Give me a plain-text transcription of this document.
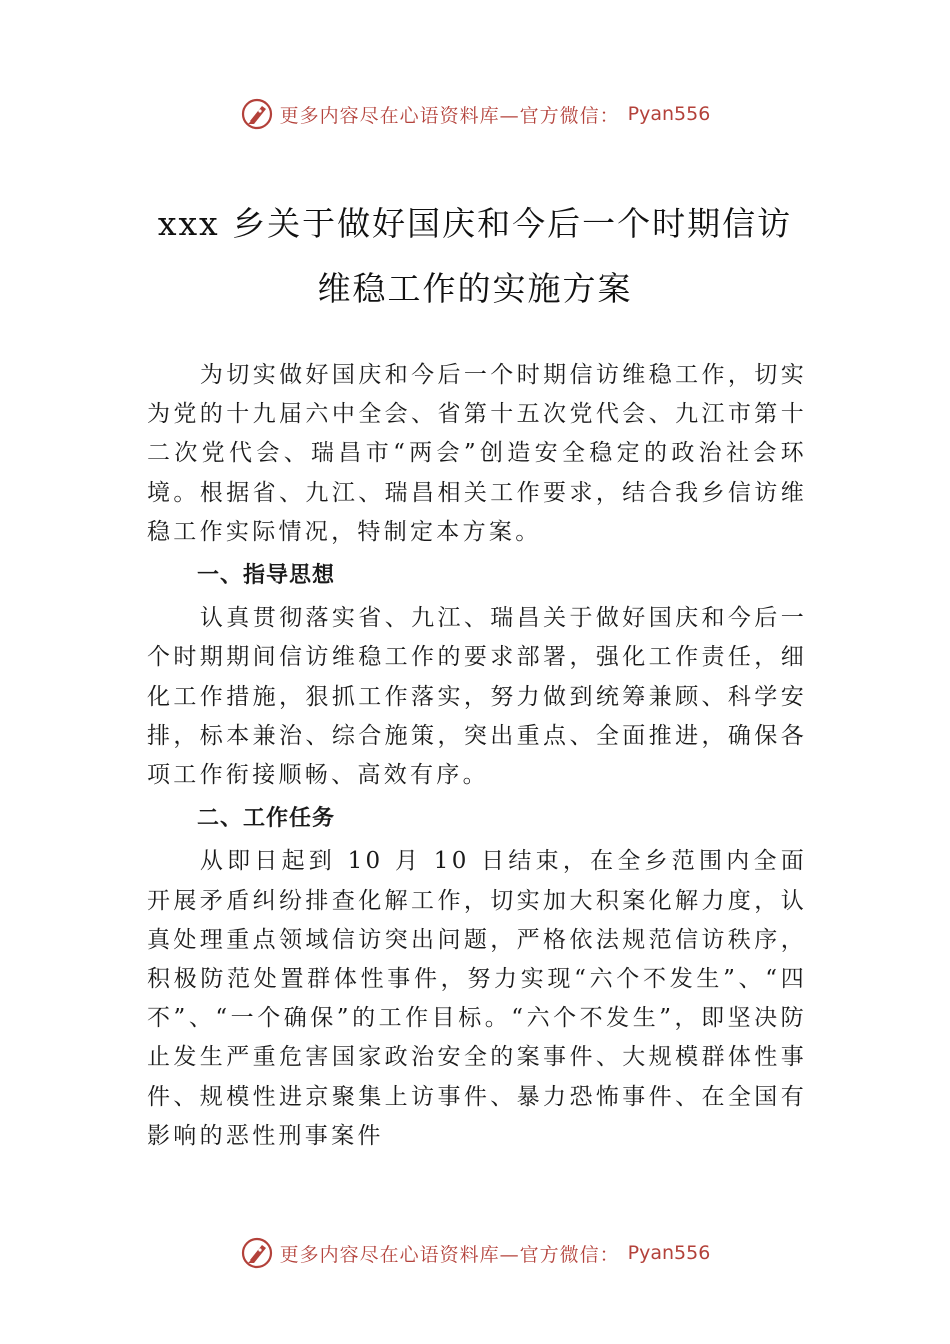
更多内容尽在心语资料库—官方微信： Pyan556
xxx 乡关于做好国庆和今后一个时期信访
维稳工作的实施方案

为切实做好国庆和今后一个时期信访维稳工作，切实为党的十九届六中全会、省第十五次党代会、九江市第十二次党代会、瑞昌市“两会”创造安全稳定的政治社会环境。根据省、九江、瑞昌相关工作要求，结合我乡信访维稳工作实际情况，特制定本方案。

一、指导思想

认真贯彻落实省、九江、瑞昌关于做好国庆和今后一个时期期间信访维稳工作的要求部署，强化工作责任，细化工作措施，狠抓工作落实，努力做到统筹兼顾、科学安排，标本兼治、综合施策，突出重点、全面推进，确保各项工作衔接顺畅、高效有序。

二、工作任务

从即日起到 10 月 10 日结束，在全乡范围内全面开展矛盾纠纷排查化解工作，切实加大积案化解力度，认真处理重点领域信访突出问题，严格依法规范信访秩序，积极防范处置群体性事件，努力实现“六个不发生”、“四不”、“一个确保”的工作目标。“六个不发生”，即坚决防止发生严重危害国家政治安全的案事件、大规模群体性事件、规模性进京聚集上访事件、暴力恐怖事件、在全国有影响的恶性刑事案件

更多内容尽在心语资料库—官方微信： Pyan556
